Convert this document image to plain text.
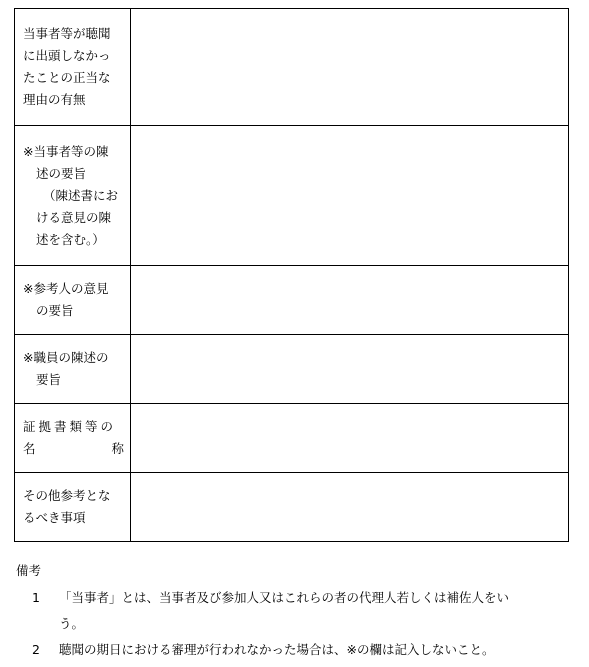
当事者等が聴聞
に出頭しなかっ
たことの正当な
理由の有無	

※当事者等の陳
述の要旨
（陳述書にお
ける意見の陳
述を含む。）	

※参考人の意見
の要旨	

※職員の陳述の
要旨	

証拠書類等の
名 称	

その他参考とな
るべき事項	

備考
1 「当事者」とは、当事者及び参加人又はこれらの者の代理人若しくは補佐人をい
う。
2 聴聞の期日における審理が行われなかった場合は、※の欄は記入しないこと。
